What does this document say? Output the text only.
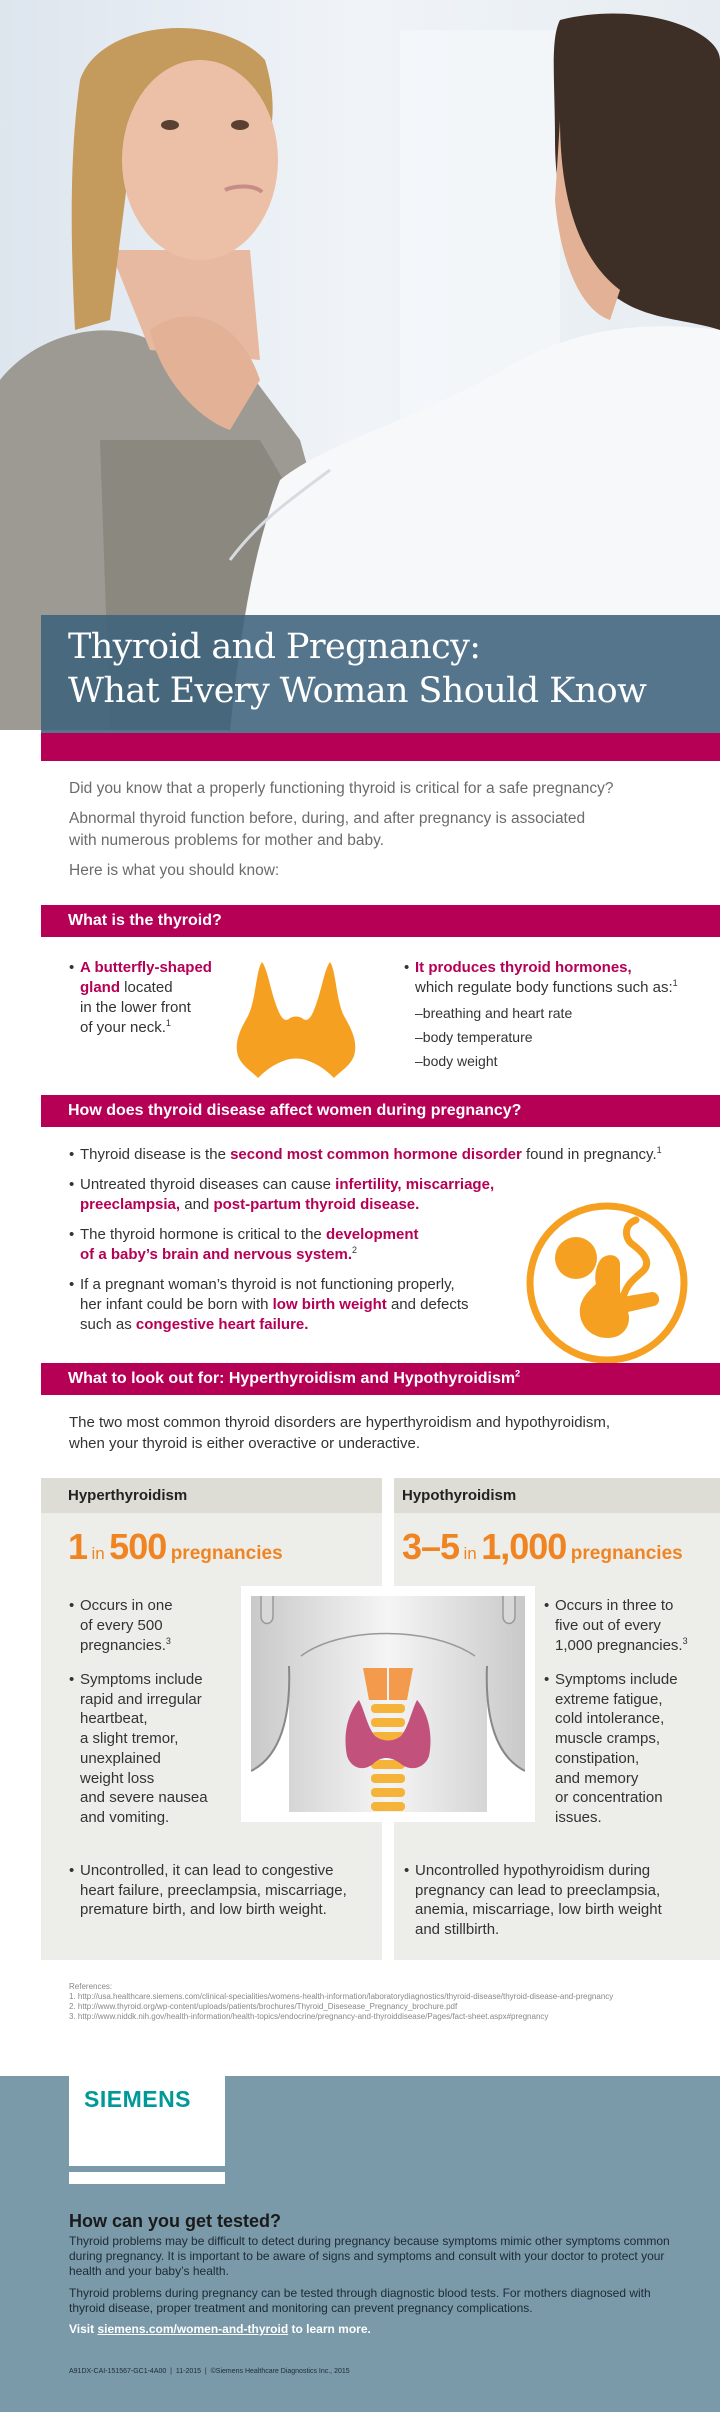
Thyroid and Pregnancy:
What Every Woman Should Know
Did you know that a properly functioning thyroid is critical for a safe pregnancy?
Abnormal thyroid function before, during, and after pregnancy is associated
with numerous problems for mother and baby.
Here is what you should know:
What is the thyroid?
• A butterfly-shaped
gland located
in the lower front
of your neck.$^1$
• It produces thyroid hormones,
which regulate body functions such as:$^1$
–breathing and heart rate
–body temperature
–body weight
How does thyroid disease affect women during pregnancy?
• Thyroid disease is the second most common hormone disorder found in pregnancy.$^1$
• Untreated thyroid diseases can cause infertility, miscarriage,
preeclampsia, and post-partum thyroid disease.
• The thyroid hormone is critical to the development
of a baby’s brain and nervous system.$^2$
• If a pregnant woman’s thyroid is not functioning properly,
her infant could be born with low birth weight and defects
such as congestive heart failure.
What to look out for: Hyperthyroidism and Hypothyroidism$^2$
The two most common thyroid disorders are hyperthyroidism and hypothyroidism,
when your thyroid is either overactive or underactive.
Hyperthyroidism
1 in 500 pregnancies
• Occurs in one
of every 500
pregnancies.$^3$
• Symptoms include
rapid and irregular
heartbeat,
a slight tremor,
unexplained
weight loss
and severe nausea
and vomiting.
• Uncontrolled, it can lead to congestive
heart failure, preeclampsia, miscarriage,
premature birth, and low birth weight.
Hypothyroidism
3–5 in 1,000 pregnancies
• Occurs in three to
five out of every
1,000 pregnancies.$^3$
• Symptoms include
extreme fatigue,
cold intolerance,
muscle cramps,
constipation,
and memory
or concentration
issues.
• Uncontrolled hypothyroidism during
pregnancy can lead to preeclampsia,
anemia, miscarriage, low birth weight
and stillbirth.
References:
1. http://usa.healthcare.siemens.com/clinical-specialities/womens-health-information/laboratorydiagnostics/thyroid-disease/thyroid-disease-and-pregnancy
2. http://www.thyroid.org/wp-content/uploads/patients/brochures/Thyroid_Disesease_Pregnancy_brochure.pdf
3. http://www.niddk.nih.gov/health-information/health-topics/endocrine/pregnancy-and-thyroiddisease/Pages/fact-sheet.aspx#pregnancy
SIEMENS
How can you get tested?
Thyroid problems may be difficult to detect during pregnancy because symptoms mimic other symptoms common
during pregnancy. It is important to be aware of signs and symptoms and consult with your doctor to protect your
health and your baby’s health.
Thyroid problems during pregnancy can be tested through diagnostic blood tests. For mothers diagnosed with
thyroid disease, proper treatment and monitoring can prevent pregnancy complications.
Visit siemens.com/women-and-thyroid to learn more.
A91DX-CAI-151567-GC1-4A00  |  11-2015  |  ©Siemens Healthcare Diagnostics Inc., 2015
